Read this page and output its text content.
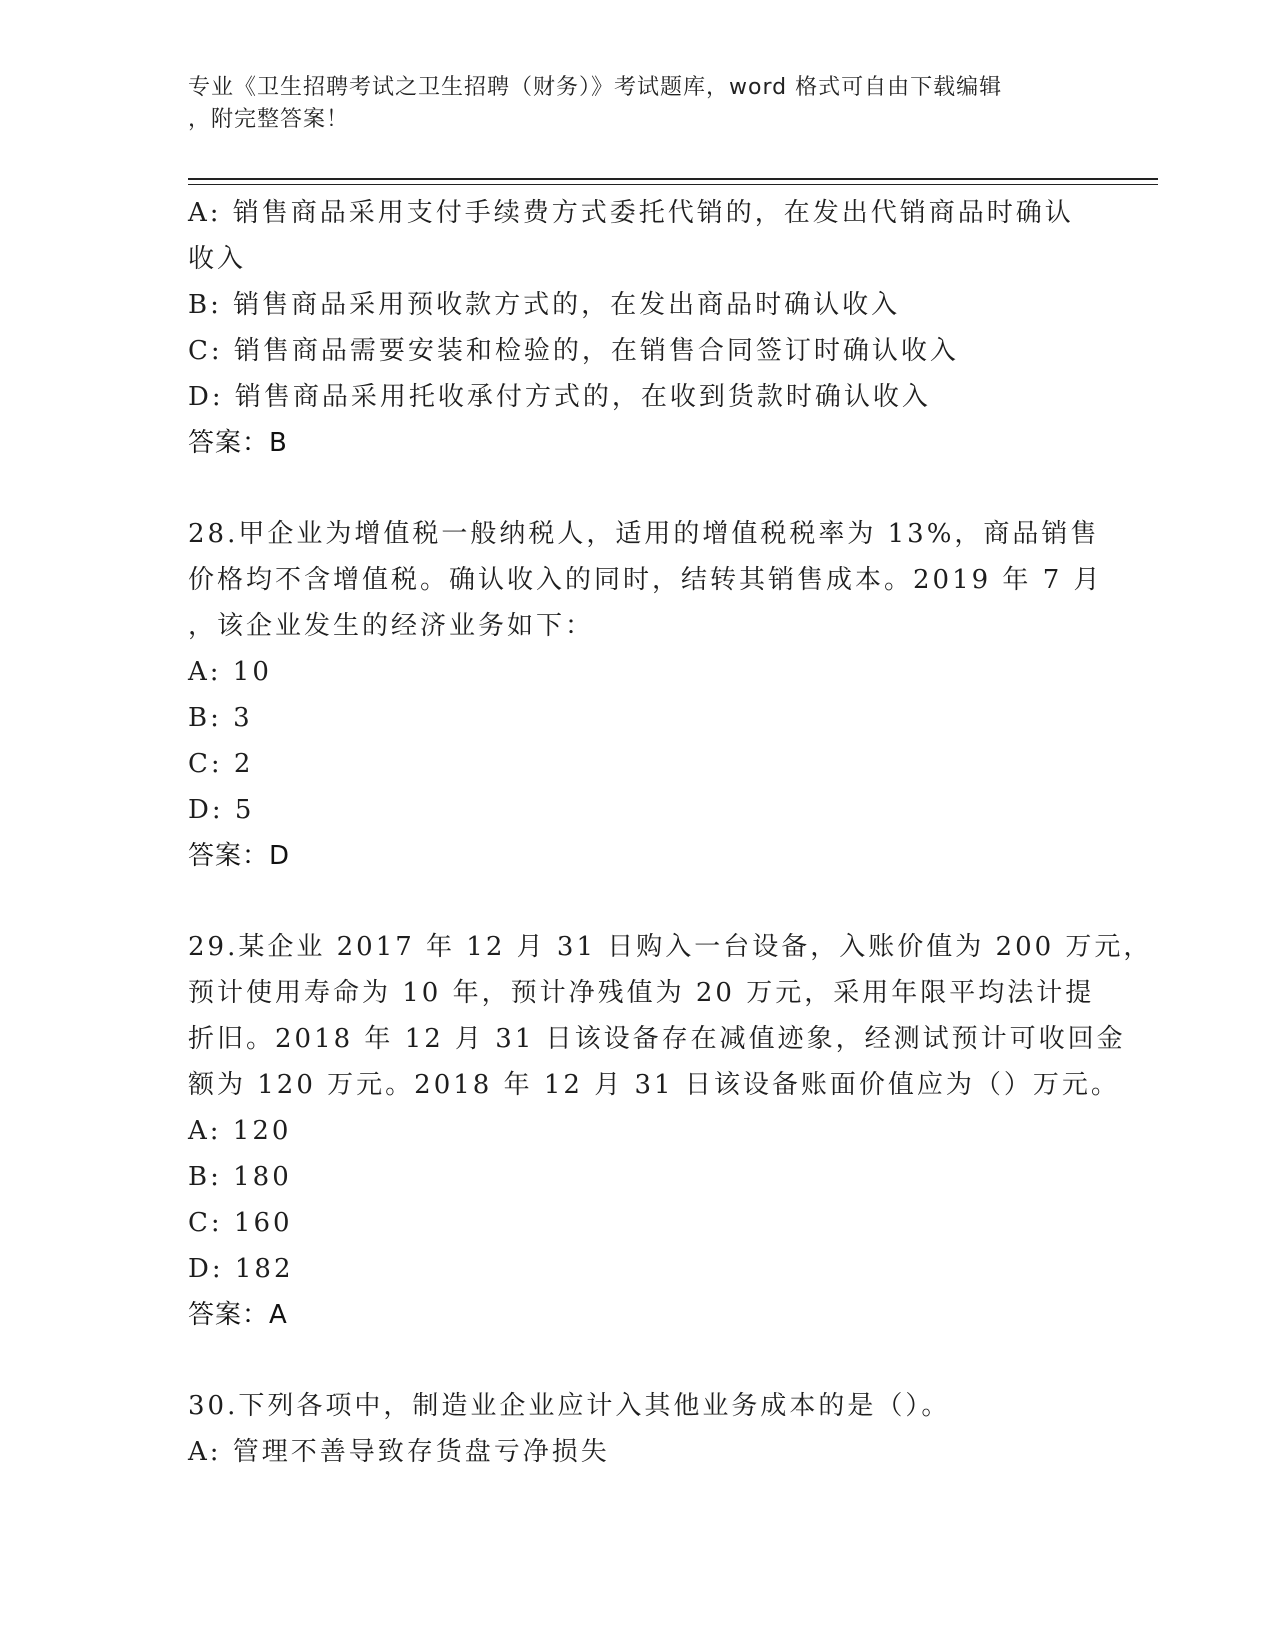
专业《卫生招聘考试之卫生招聘（财务）》考试题库，word 格式可自由下载编辑
，附完整答案！
A: 销售商品采用支付手续费方式委托代销的，在发出代销商品时确认
收入
B: 销售商品采用预收款方式的，在发出商品时确认收入
C: 销售商品需要安装和检验的，在销售合同签订时确认收入
D: 销售商品采用托收承付方式的，在收到货款时确认收入
答案：B
28.甲企业为增值税一般纳税人，适用的增值税税率为 13%，商品销售
价格均不含增值税。确认收入的同时，结转其销售成本。2019 年 7 月
，该企业发生的经济业务如下：
A: 10
B: 3
C: 2
D: 5
答案：D
29.某企业 2017 年 12 月 31 日购入一台设备，入账价值为 200 万元，
预计使用寿命为 10 年，预计净残值为 20 万元，采用年限平均法计提
折旧。2018 年 12 月 31 日该设备存在减值迹象，经测试预计可收回金
额为 120 万元。2018 年 12 月 31 日该设备账面价值应为（）万元。
A: 120
B: 180
C: 160
D: 182
答案：A
30.下列各项中，制造业企业应计入其他业务成本的是（）。
A: 管理不善导致存货盘亏净损失
